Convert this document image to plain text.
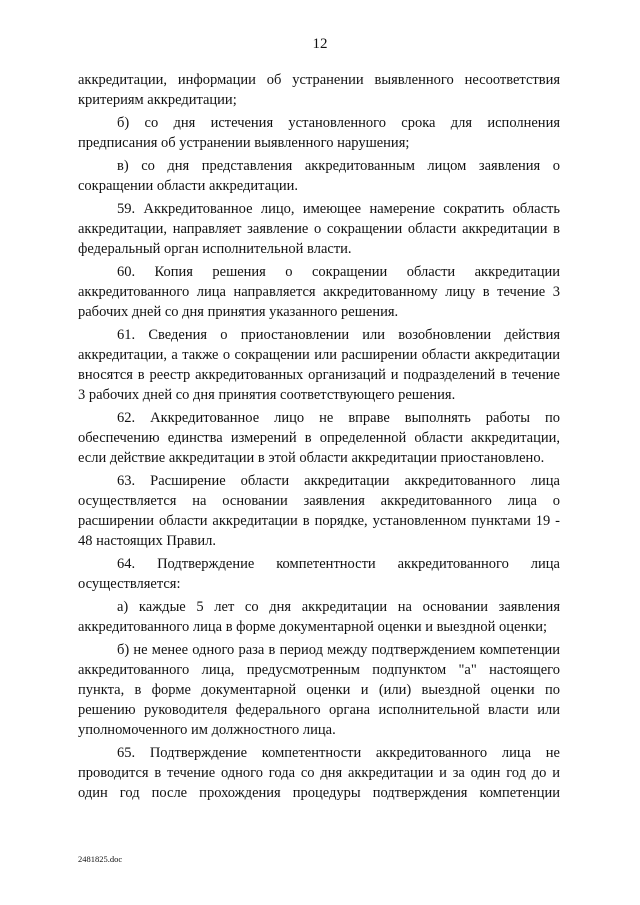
12

аккредитации, информации об устранении выявленного несоответствия критериям аккредитации;

б) со дня истечения установленного срока для исполнения предписания об устранении выявленного нарушения;

в) со дня представления аккредитованным лицом заявления о сокращении области аккредитации.

59. Аккредитованное лицо, имеющее намерение сократить область аккредитации, направляет заявление о сокращении области аккредитации в федеральный орган исполнительной власти.

60. Копия решения о сокращении области аккредитации аккредитованного лица направляется аккредитованному лицу в течение 3 рабочих дней со дня принятия указанного решения.

61. Сведения о приостановлении или возобновлении действия аккредитации, а также о сокращении или расширении области аккредитации вносятся в реестр аккредитованных организаций и подразделений в течение 3 рабочих дней со дня принятия соответствующего решения.

62. Аккредитованное лицо не вправе выполнять работы по обеспечению единства измерений в определенной области аккредитации, если действие аккредитации в этой области аккредитации приостановлено.

63. Расширение области аккредитации аккредитованного лица осуществляется на основании заявления аккредитованного лица о расширении области аккредитации в порядке, установленном пунктами 19 - 48 настоящих Правил.

64. Подтверждение компетентности аккредитованного лица осуществляется:

а) каждые 5 лет со дня аккредитации на основании заявления аккредитованного лица в форме документарной оценки и выездной оценки;

б) не менее одного раза в период между подтверждением компетенции аккредитованного лица, предусмотренным подпунктом "а" настоящего пункта, в форме документарной оценки и (или) выездной оценки по решению руководителя федерального органа исполнительной власти или уполномоченного им должностного лица.

65. Подтверждение компетентности аккредитованного лица не проводится в течение одного года со дня аккредитации и за один год до и один год после прохождения процедуры подтверждения компетенции

2481825.doc
